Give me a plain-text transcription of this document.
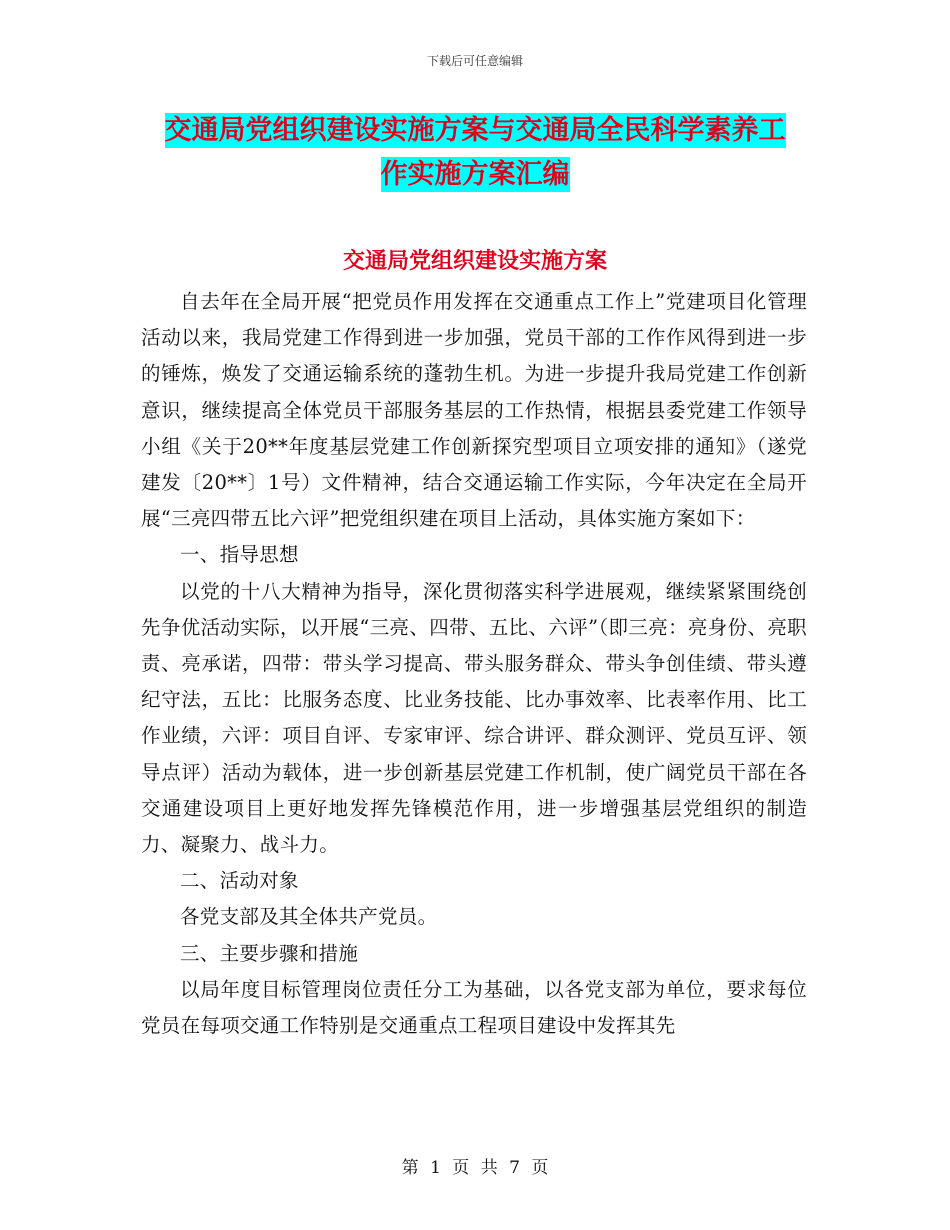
下载后可任意编辑
交通局党组织建设实施方案与交通局全民科学素养工
作实施方案汇编
交通局党组织建设实施方案

自去年在全局开展“把党员作用发挥在交通重点工作上”党建项目化管理活动以来，我局党建工作得到进一步加强，党员干部的工作作风得到进一步的锤炼，焕发了交通运输系统的蓬勃生机。为进一步提升我局党建工作创新意识，继续提高全体党员干部服务基层的工作热情，根据县委党建工作领导小组《关于20**年度基层党建工作创新探究型项目立项安排的通知》（遂党建发〔20**〕1号）文件精神，结合交通运输工作实际，今年决定在全局开展“三亮四带五比六评”把党组织建在项目上活动，具体实施方案如下：

一、指导思想

以党的十八大精神为指导，深化贯彻落实科学进展观，继续紧紧围绕创先争优活动实际，以开展“三亮、四带、五比、六评”（即三亮：亮身份、亮职责、亮承诺，四带：带头学习提高、带头服务群众、带头争创佳绩、带头遵纪守法，五比：比服务态度、比业务技能、比办事效率、比表率作用、比工作业绩，六评：项目自评、专家审评、综合讲评、群众测评、党员互评、领导点评）活动为载体，进一步创新基层党建工作机制，使广阔党员干部在各交通建设项目上更好地发挥先锋模范作用，进一步增强基层党组织的制造力、凝聚力、战斗力。

二、活动对象

各党支部及其全体共产党员。

三、主要步骤和措施

以局年度目标管理岗位责任分工为基础，以各党支部为单位，要求每位党员在每项交通工作特别是交通重点工程项目建设中发挥其先

第 1 页 共 7 页
